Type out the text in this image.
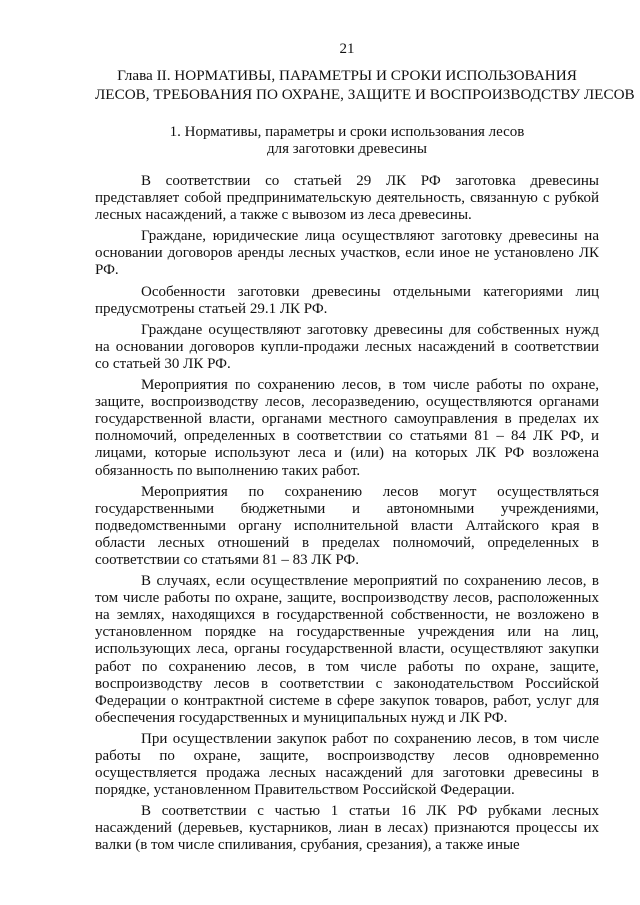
21
Глава II. НОРМАТИВЫ, ПАРАМЕТРЫ И СРОКИ ИСПОЛЬЗОВАНИЯ
ЛЕСОВ, ТРЕБОВАНИЯ ПО ОХРАНЕ, ЗАЩИТЕ И ВОСПРОИЗВОДСТВУ ЛЕСОВ
1. Нормативы, параметры и сроки использования лесов
для заготовки древесины

В соответствии со статьей 29 ЛК РФ заготовка древесины представляет собой предпринимательскую деятельность, связанную с рубкой лесных насаждений, а также с вывозом из леса древесины.

Граждане, юридические лица осуществляют заготовку древесины на основании договоров аренды лесных участков, если иное не установлено ЛК РФ.

Особенности заготовки древесины отдельными категориями лиц предусмотрены статьей 29.1 ЛК РФ.

Граждане осуществляют заготовку древесины для собственных нужд на основании договоров купли-продажи лесных насаждений в соответствии со статьей 30 ЛК РФ.

Мероприятия по сохранению лесов, в том числе работы по охране, защите, воспроизводству лесов, лесоразведению, осуществляются органами государственной власти, органами местного самоуправления в пределах их полномочий, определенных в соответствии со статьями 81 – 84 ЛК РФ, и лицами, которые используют леса и (или) на которых ЛК РФ возложена обязанность по выполнению таких работ.

Мероприятия по сохранению лесов могут осуществляться государственными бюджетными и автономными учреждениями, подведомственными органу исполнительной власти Алтайского края в области лесных отношений в пределах полномочий, определенных в соответствии со статьями 81 – 83 ЛК РФ.

В случаях, если осуществление мероприятий по сохранению лесов, в том числе работы по охране, защите, воспроизводству лесов, расположенных на землях, находящихся в государственной собственности, не возложено в установленном порядке на государственные учреждения или на лиц, использующих леса, органы государственной власти, осуществляют закупки работ по сохранению лесов, в том числе работы по охране, защите, воспроизводству лесов в соответствии с законодательством Российской Федерации о контрактной системе в сфере закупок товаров, работ, услуг для обеспечения государственных и муниципальных нужд и ЛК РФ.

При осуществлении закупок работ по сохранению лесов, в том числе работы по охране, защите, воспроизводству лесов одновременно осуществляется продажа лесных насаждений для заготовки древесины в порядке, установленном Правительством Российской Федерации.

В соответствии с частью 1 статьи 16 ЛК РФ рубками лесных насаждений (деревьев, кустарников, лиан в лесах) признаются процессы их валки (в том числе спиливания, срубания, срезания), а также иные
